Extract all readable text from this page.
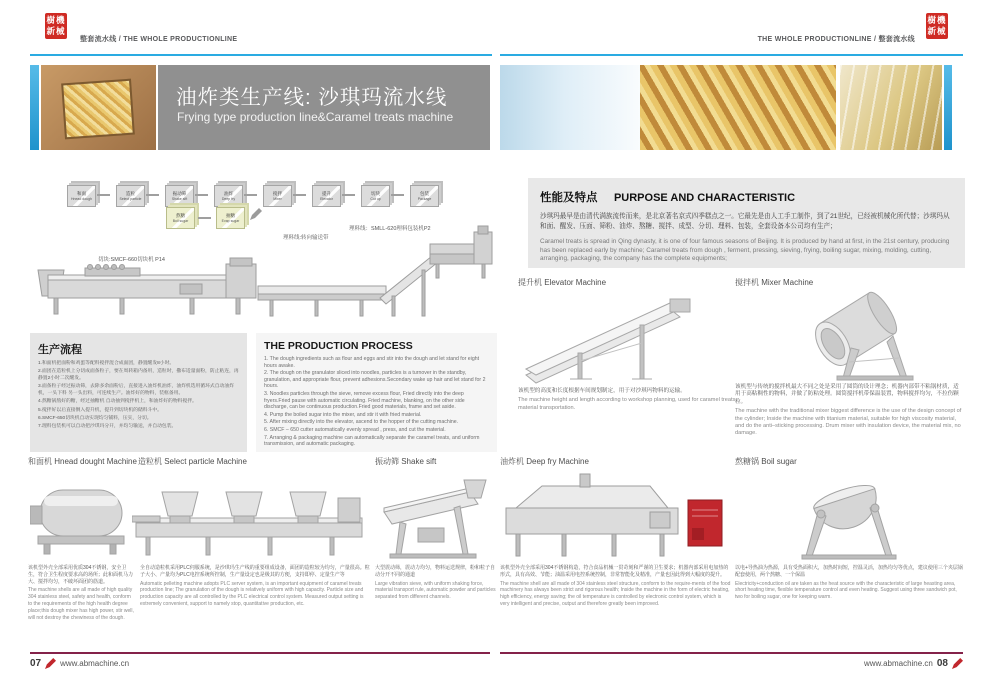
樹機新械
整套流水线 / THE WHOLE PRODUCTIONLINE	THE WHOLE PRODUCTIONLINE / 整套流水线
樹機新械
油炸类生产线: 沙琪玛流水线
Frying type production line&Caramel treats machine
和面
Hnead dough
造粒
Select particle
振动筛
Shake sift
油炸
Deep fry
搅拌
Mixer
提升
Elevator
切块
Cut up
包装
Package
熬糖
Boil sugar
抽糖
Evap sugar
切块:SMCF-660切块机 P14
理料线:转向输送带
理料线：SMLL-620理料包装机P2
生产流程

1.和面机把面粉和鸡蛋等配料搅拌混合成面团，静置醒发8小时。

2.面团在造粒机上分切成面条粒子，要在周转箱内备用，造粒时，撒布适量面粉，防止粘连，再静置2小时二次醒发。

3.面条粒子经过振动筛，去除多余面粉后，直接进入油炸机油炸，油炸机选用循环式自动油炸机，一头下料 另一头出料，可连续生产。油炸好的物料，装框备用。

4.熬糖锅熬好的糖，经过抽糖机 自动抽到搅拌机上，和油炸好的物料搅拌。

5.搅拌好以后直接倒入提升机，提升到切块机的储料斗中。

6.SMCF-650切块机自动实现均匀铺料，压实，分切。

7.理料包装机可以自动把沙琪玛分开，并均匀输送，并自动包装。

THE PRODUCTION PROCESS

1. The dough ingredients such as flour and eggs and stir into the dough and let stand for eight hours awake.

2. The dough on the granulator sliced into noodles, particles is a turnover in the standby, granulation, and appropriate flour, prevent adhesions.Secondary wake up hair and let stand for 2 hours.

3. Noodles particles through the sieve, remove excess flour, Fried directly into the deep fryers.Fried pause with automatic circulating. Fried machine, blanking, on the other side discharge, can be continuous production.Fried good materials, frame and set aside.

4. Pump the boiled sugar into the mixer, and stir it with fried material.

5. After mixing directly into the elevator, ascend to the hopper of the cutting machine.

6. SMCF – 650 cutter automatically evenly spread , press, and cut the material.

7. Arranging & packaging machine can automatically separate the caramel treats, and uniform transmission, and automatic packaging.

性能及特点 PURPOSE AND CHARACTERISTIC
沙琪玛最早是由清代满族流传而来，是北京著名京式四季糕点之一。它最先是由人工手工制作，到了21世纪，已经被机械化所代替；沙琪玛从和面、醒发、压面、筛粉、油炸、熬糖、搅拌、成型、分切、理料、包装，全套设备本公司均有生产；
Caramel treats is spread in Qing dynasty, it is one of four famous seasons of Beijing. It is produced by hand at first, in the 21st century, producing has been replaced early by machine; Caramel treats from dough , ferment, pressing, sieving, frying, boiling sugar, mixing, molding, cutting, arranging, packaging, the company has the complete equipments;
提升机 Elevator Machine
该机型的高度和长度根据车间规划制定，用于对沙琪玛物料的运输。
The machine height and length according to workshop planning, used for caramel treats material transportation.
搅拌机 Mixer Machine
该机型与传统的搅拌机最大不同之处是采用了圆筒的设计理念；机器内部带不粘锅材质，适用于高粘稠性的物料，并做了防粘处理。圆筒搅拌机带保温装置，物料搅拌均匀，不拉伤颗粒。
The machine with the traditional mixer biggest difference is the use of the design concept of the cylinder; Inside the machine with titanium material, suitable for high viscosity material, and do the anti–sticking processing. Drum mixer with insulation device, the material mix, no damage.
和面机 Hnead dought Machine 造粒机 Select particle Machine	振动筛 Shake sift	油炸机 Deep fry Machine	熬糖锅 Boil sugar
该机型外壳全部采用优质304不锈钢，安全卫生，符合卫生程度要求高的场所；此和面机马力大、搅拌均匀，不破坏面团的筋道。
The machine shells are all made of high quality 304 stainless steel, safety and health, conform to the requirements of the high health degree place;this dough mixer has high power, stir well, will not destroy the chewiness of the dough.
全自动造粒机采用PLC伺服系统，是沙琪玛生产线的重要组成设备，面团的造粒较为均匀，产量很高。粒子大小、产量均为PLC电控系统所控制，生产量设定也是极其的方便，支持即停、定量生产等
Automatic pelleting machine adopts PLC server system, is an important equipment of caramel treats production line; The granulation of the dough is relatively uniform with high capacity. Particle size and production capacity are all controlled by the PLC electrical control system. Measured output setting is extremely convenient, support to namely stop, quantitative production, etc.
大型震动筛，震动力均匀，物料运送规律，粉和粒子自动分开不同的通道
Large vibration sieve, with uniform shaking force, material transport rule, automatic powder and particles separated from different channels.
该机型外壳全部采用304不锈钢构造，符合食品机械一贯苛刻和严谨的卫生要求；机器内部采用电加热的形式，具有高效、节能；油温采用电控系统控制，非常智能化及精准，产量也因此得到大幅度的提升。
The machine shell are all made of 304 stainless steel structure, conform to the require-ments of the food machinery has always been strict and rigorous health; Inside the machine in the form of electric heating, high efficiency, energy saving; the oil temperature is controlled by electronic control system, which is very intelligent and precise, output and therefore greatly been improved.
以电+导热油为热源，具有受热面积大，加热时间短，控温灵活，加热均匀等优点，建议使用三个夹层锅配套使用，两个熬糖、一个保温
Electricity+conduction oil are taken as the heat source with the characteristic of large heasting area, short heating time, flexible temperature control and even heating. Suggest using three sandwich pot, two for boiling sugar, one for keeping warm.
07 www.abmachine.cn	www.abmachine.cn 08
